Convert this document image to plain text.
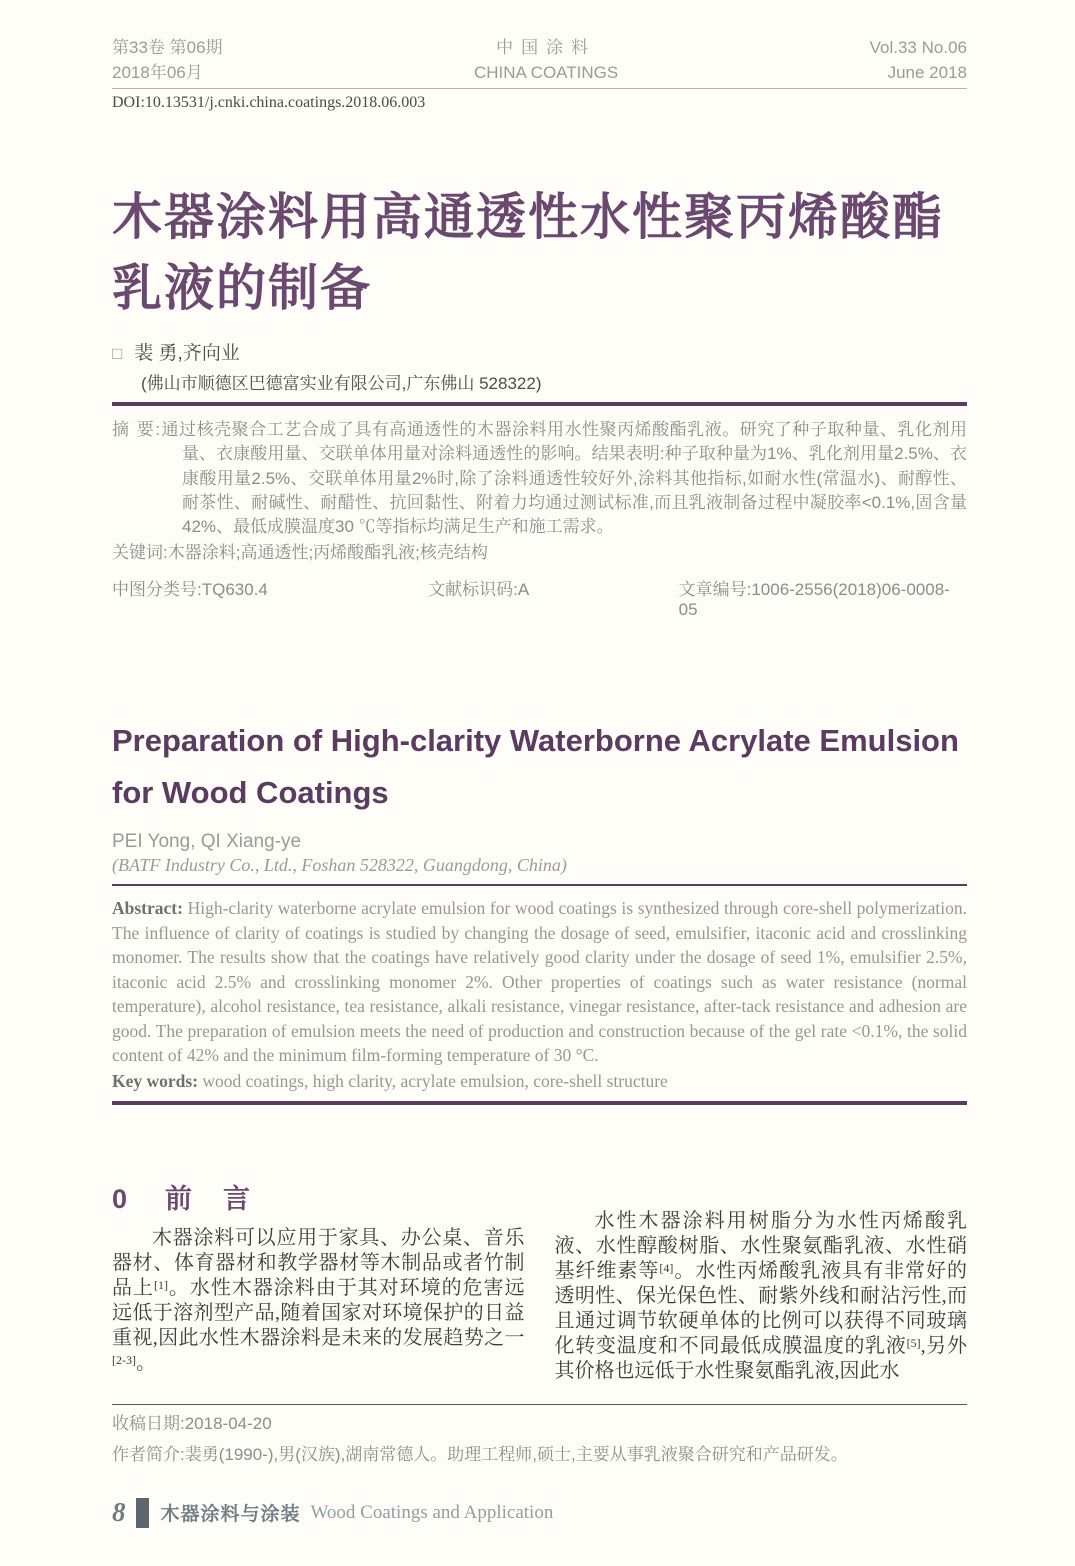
第33卷 第06期
2018年06月
中国涂料
CHINA COATINGS
Vol.33 No.06
June 2018
DOI:10.13531/j.cnki.china.coatings.2018.06.003
木器涂料用高通透性水性聚丙烯酸酯
乳液的制备
□ 裴 勇,齐向业
(佛山市顺德区巴德富实业有限公司,广东佛山 528322)

摘 要:通过核壳聚合工艺合成了具有高通透性的木器涂料用水性聚丙烯酸酯乳液。研究了种子取种量、乳化剂用量、衣康酸用量、交联单体用量对涂料通透性的影响。结果表明:种子取种量为1%、乳化剂用量2.5%、衣康酸用量2.5%、交联单体用量2%时,除了涂料通透性较好外,涂料其他指标,如耐水性(常温水)、耐醇性、耐茶性、耐碱性、耐醋性、抗回黏性、附着力均通过测试标准,而且乳液制备过程中凝胶率<0.1%,固含量42%、最低成膜温度30 ℃等指标均满足生产和施工需求。

关键词:木器涂料;高通透性;丙烯酸酯乳液;核壳结构

中图分类号:TQ630.4	文献标识码:A	文章编号:1006-2556(2018)06-0008-05
Preparation of High-clarity Waterborne Acrylate Emulsion
for Wood Coatings
PEI Yong, QI Xiang-ye
(BATF Industry Co., Ltd., Foshan 528322, Guangdong, China)

Abstract: High-clarity waterborne acrylate emulsion for wood coatings is synthesized through core-shell polymerization. The influence of clarity of coatings is studied by changing the dosage of seed, emulsifier, itaconic acid and crosslinking monomer. The results show that the coatings have relatively good clarity under the dosage of seed 1%, emulsifier 2.5%, itaconic acid 2.5% and crosslinking monomer 2%. Other properties of coatings such as water resistance (normal temperature), alcohol resistance, tea resistance, alkali resistance, vinegar resistance, after-tack resistance and adhesion are good. The preparation of emulsion meets the need of production and construction because of the gel rate <0.1%, the solid content of 42% and the minimum film-forming temperature of 30 °C.

Key words: wood coatings, high clarity, acrylate emulsion, core-shell structure

0 前　言

木器涂料可以应用于家具、办公桌、音乐器材、体育器材和教学器材等木制品或者竹制品上[1]。水性木器涂料由于其对环境的危害远远低于溶剂型产品,随着国家对环境保护的日益重视,因此水性木器涂料是未来的发展趋势之一[2-3]。

水性木器涂料用树脂分为水性丙烯酸乳液、水性醇酸树脂、水性聚氨酯乳液、水性硝基纤维素等[4]。水性丙烯酸乳液具有非常好的透明性、保光保色性、耐紫外线和耐沾污性,而且通过调节软硬单体的比例可以获得不同玻璃化转变温度和不同最低成膜温度的乳液[5],另外其价格也远低于水性聚氨酯乳液,因此水

收稿日期:2018-04-20
作者简介:裴勇(1990-),男(汉族),湖南常德人。助理工程师,硕士,主要从事乳液聚合研究和产品研发。
8 木器涂料与涂装 Wood Coatings and Application
